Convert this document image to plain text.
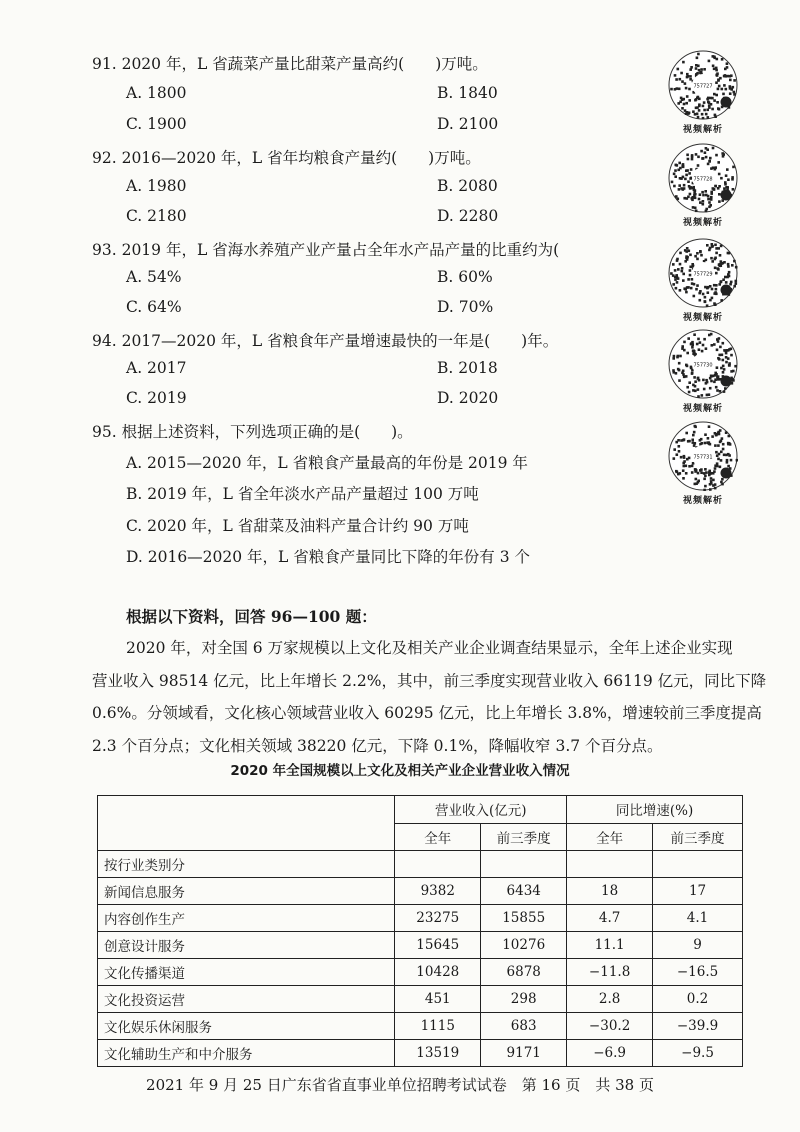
91. 2020 年，L 省蔬菜产量比甜菜产量高约(　　)万吨。
A. 1800	B. 1840
C. 1900	D. 2100
92. 2016—2020 年，L 省年均粮食产量约(　　)万吨。
A. 1980	B. 2080
C. 2180	D. 2280
93. 2019 年，L 省海水养殖产业产量占全年水产品产量的比重约为(
A. 54%	B. 60%
C. 64%	D. 70%
94. 2017—2020 年，L 省粮食年产量增速最快的一年是(　　)年。
A. 2017	B. 2018
C. 2019	D. 2020
95. 根据上述资料，下列选项正确的是(　　)。
A. 2015—2020 年，L 省粮食产量最高的年份是 2019 年
B. 2019 年，L 省全年淡水产品产量超过 100 万吨
C. 2020 年，L 省甜菜及油料产量合计约 90 万吨
D. 2016—2020 年，L 省粮食产量同比下降的年份有 3 个
757727
视频解析
757728
视频解析
757729
视频解析
757730
视频解析
757731
视频解析
根据以下资料，回答 96—100 题：
2020 年，对全国 6 万家规模以上文化及相关产业企业调查结果显示，全年上述企业实现
营业收入 98514 亿元，比上年增长 2.2%，其中，前三季度实现营业收入 66119 亿元，同比下降
0.6%。分领域看，文化核心领域营业收入 60295 亿元，比上年增长 3.8%，增速较前三季度提高
2.3 个百分点；文化相关领域 38220 亿元，下降 0.1%，降幅收窄 3.7 个百分点。
2020 年全国规模以上文化及相关产业企业营业收入情况
	营业收入(亿元)		同比增速(%)	
	全年	前三季度	全年	前三季度
按行业类别分				
新闻信息服务	9382	6434	18	17
内容创作生产	23275	15855	4.7	4.1
创意设计服务	15645	10276	11.1	9
文化传播渠道	10428	6878	−11.8	−16.5
文化投资运营	451	298	2.8	0.2
文化娱乐休闲服务	1115	683	−30.2	−39.9
文化辅助生产和中介服务	13519	9171	−6.9	−9.5
2021 年 9 月 25 日广东省省直事业单位招聘考试试卷　第 16 页　共 38 页
